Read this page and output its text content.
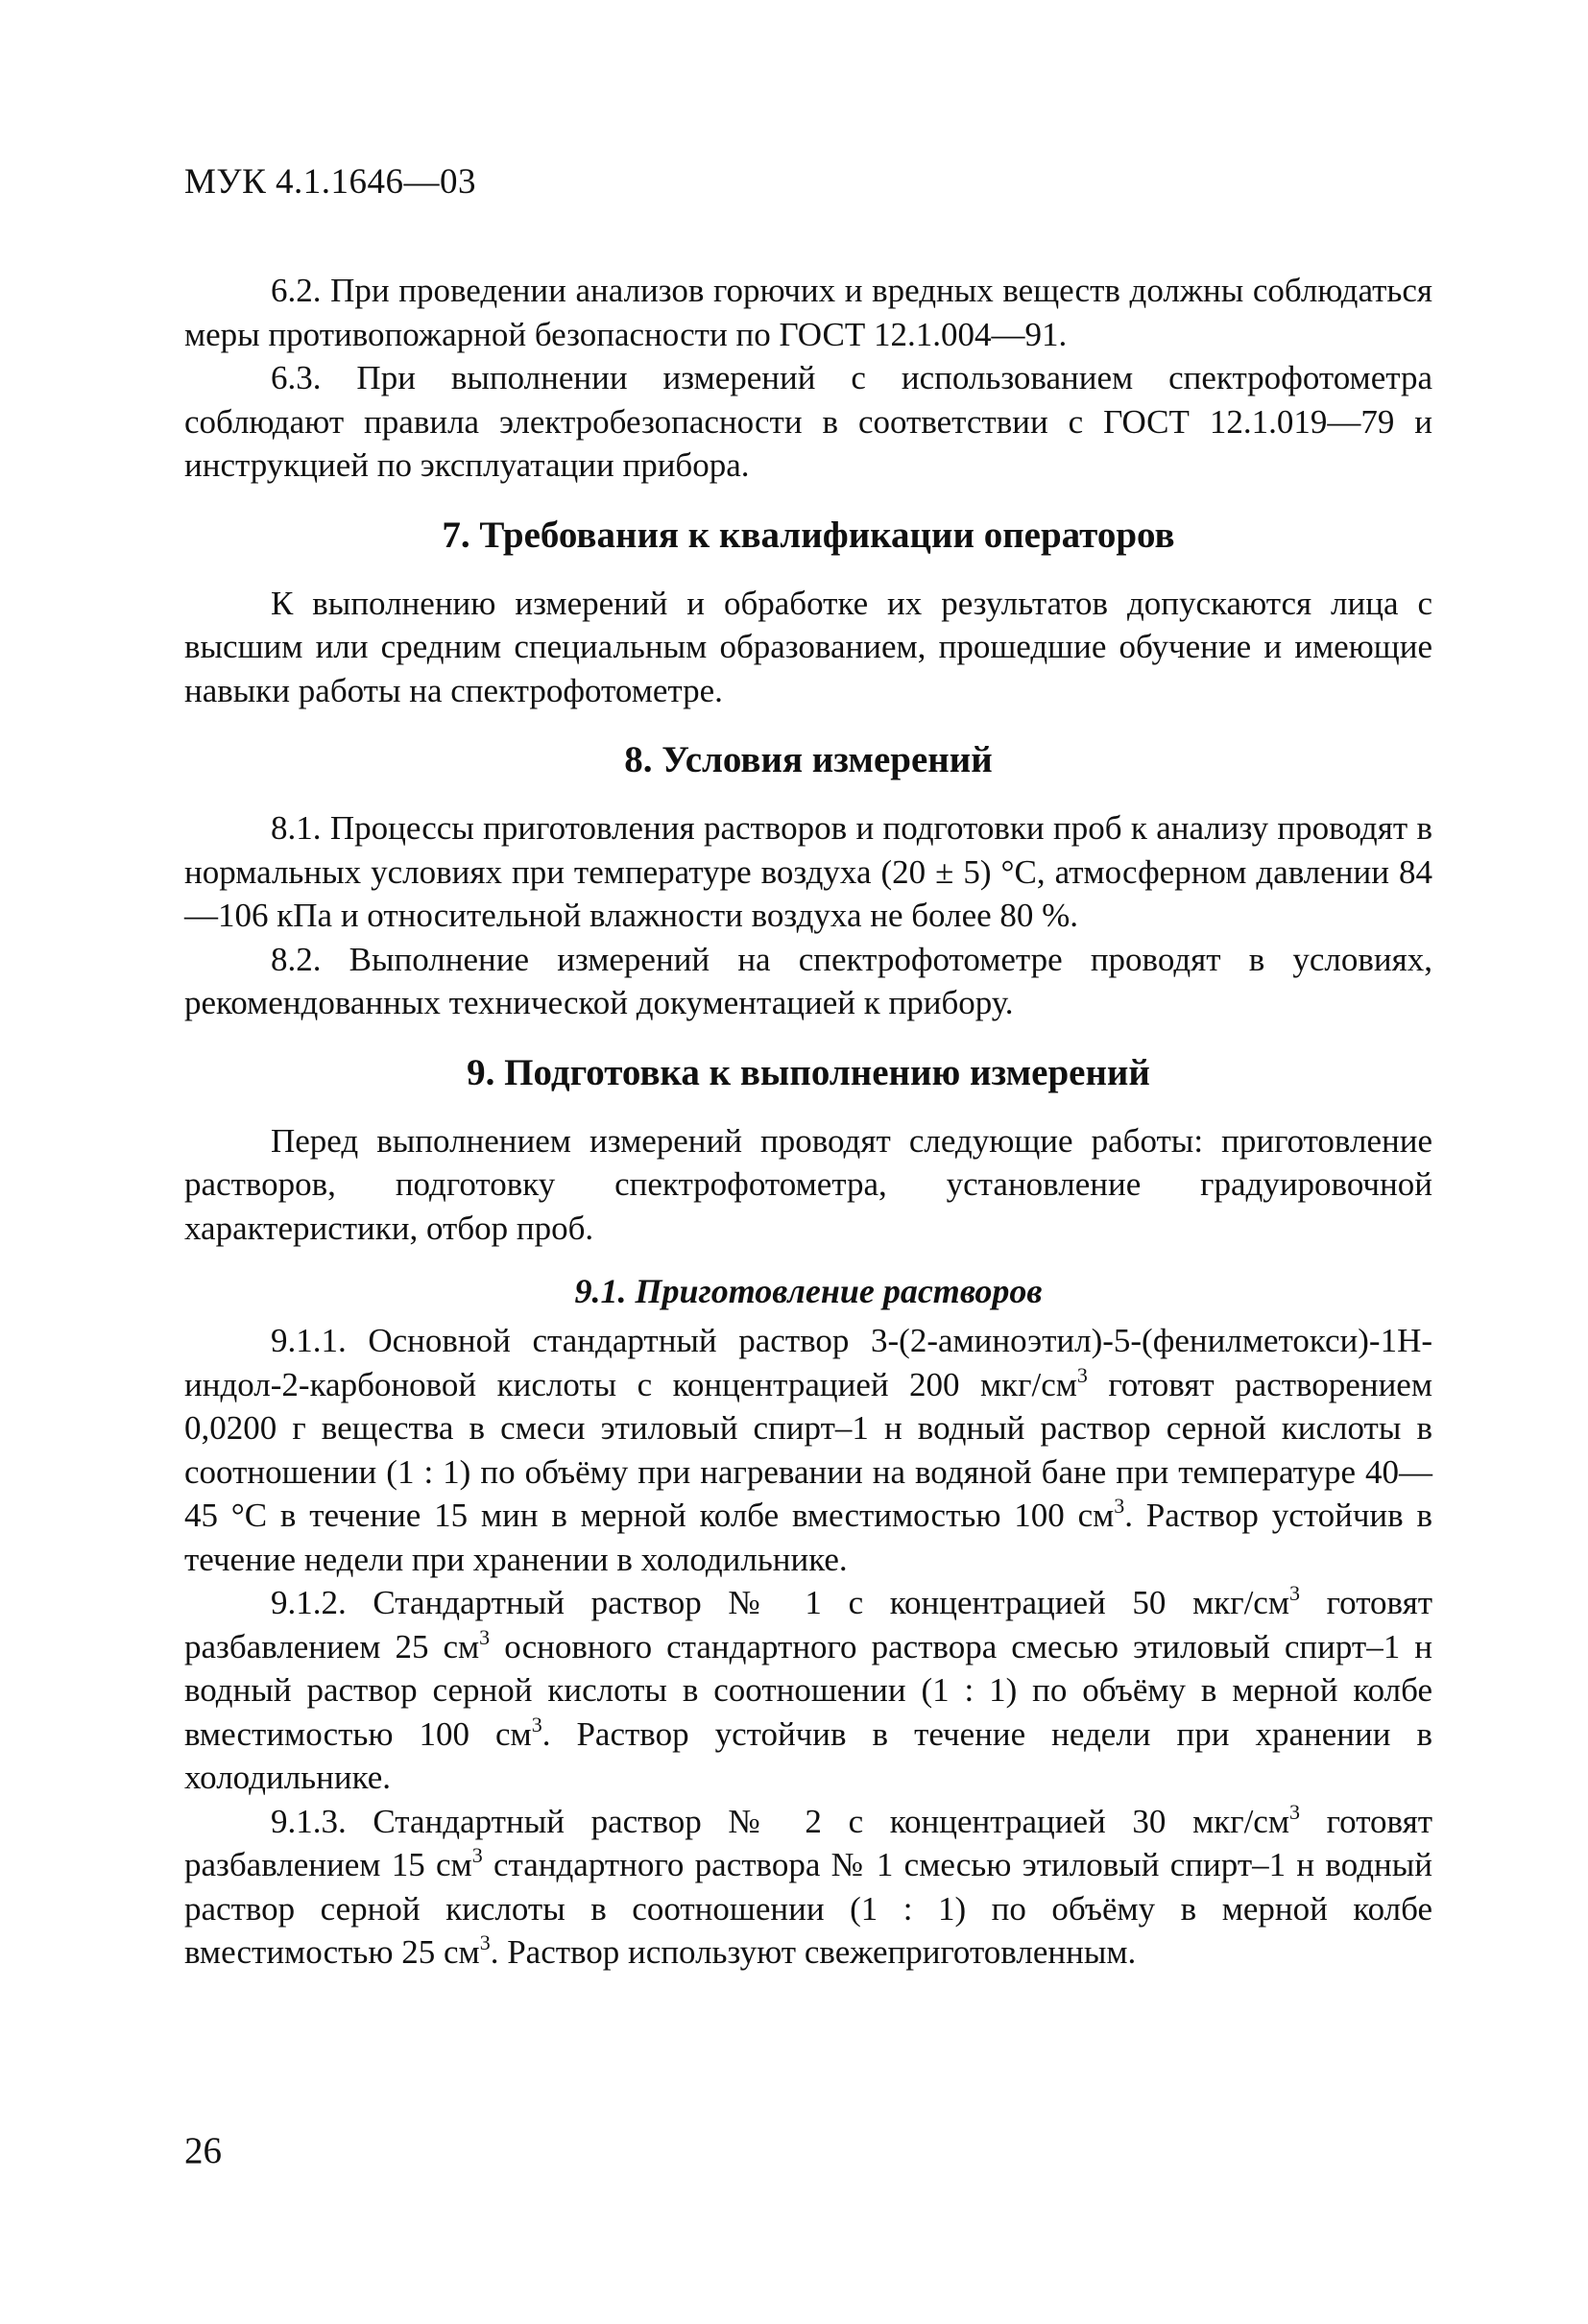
МУК 4.1.1646—03

6.2. При проведении анализов горючих и вредных веществ должны соблюдаться меры противопожарной безопасности по ГОСТ 12.1.004—91.

6.3. При выполнении измерений с использованием спектрофотометра соблюдают правила электробезопасности в соответствии с ГОСТ 12.1.019—79 и инструкцией по эксплуатации прибора.

7. Требования к квалификации операторов

К выполнению измерений и обработке их результатов допускаются лица с высшим или средним специальным образованием, прошедшие обучение и имеющие навыки работы на спектрофотометре.

8. Условия измерений

8.1. Процессы приготовления растворов и подготовки проб к анализу проводят в нормальных условиях при температуре воздуха (20 ± 5) °С, атмосферном давлении 84—106 кПа и относительной влажности воздуха не более 80 %.

8.2. Выполнение измерений на спектрофотометре проводят в условиях, рекомендованных технической документацией к прибору.

9. Подготовка к выполнению измерений

Перед выполнением измерений проводят следующие работы: приготовление растворов, подготовку спектрофотометра, установление градуировочной характеристики, отбор проб.

9.1. Приготовление растворов

9.1.1. Основной стандартный раствор 3-(2-аминоэтил)-5-(фенилметокси)-1Н-индол-2-карбоновой кислоты с концентрацией 200 мкг/$см^3$ готовят растворением 0,0200 г вещества в смеси этиловый спирт–1 н водный раствор серной кислоты в соотношении (1 : 1) по объёму при нагревании на водяной бане при температуре 40—45 °С в течение 15 мин в мерной колбе вместимостью 100 $см^3$. Раствор устойчив в течение недели при хранении в холодильнике.

9.1.2. Стандартный раствор № 1 с концентрацией 50 мкг/$см^3$ готовят разбавлением 25 $см^3$ основного стандартного раствора смесью этиловый спирт–1 н водный раствор серной кислоты в соотношении (1 : 1) по объёму в мерной колбе вместимостью 100 $см^3$. Раствор устойчив в течение недели при хранении в холодильнике.

9.1.3. Стандартный раствор № 2 с концентрацией 30 мкг/$см^3$ готовят разбавлением 15 $см^3$ стандартного раствора № 1 смесью этиловый спирт–1 н водный раствор серной кислоты в соотношении (1 : 1) по объёму в мерной колбе вместимостью 25 $см^3$. Раствор используют свежеприготовленным.

26
